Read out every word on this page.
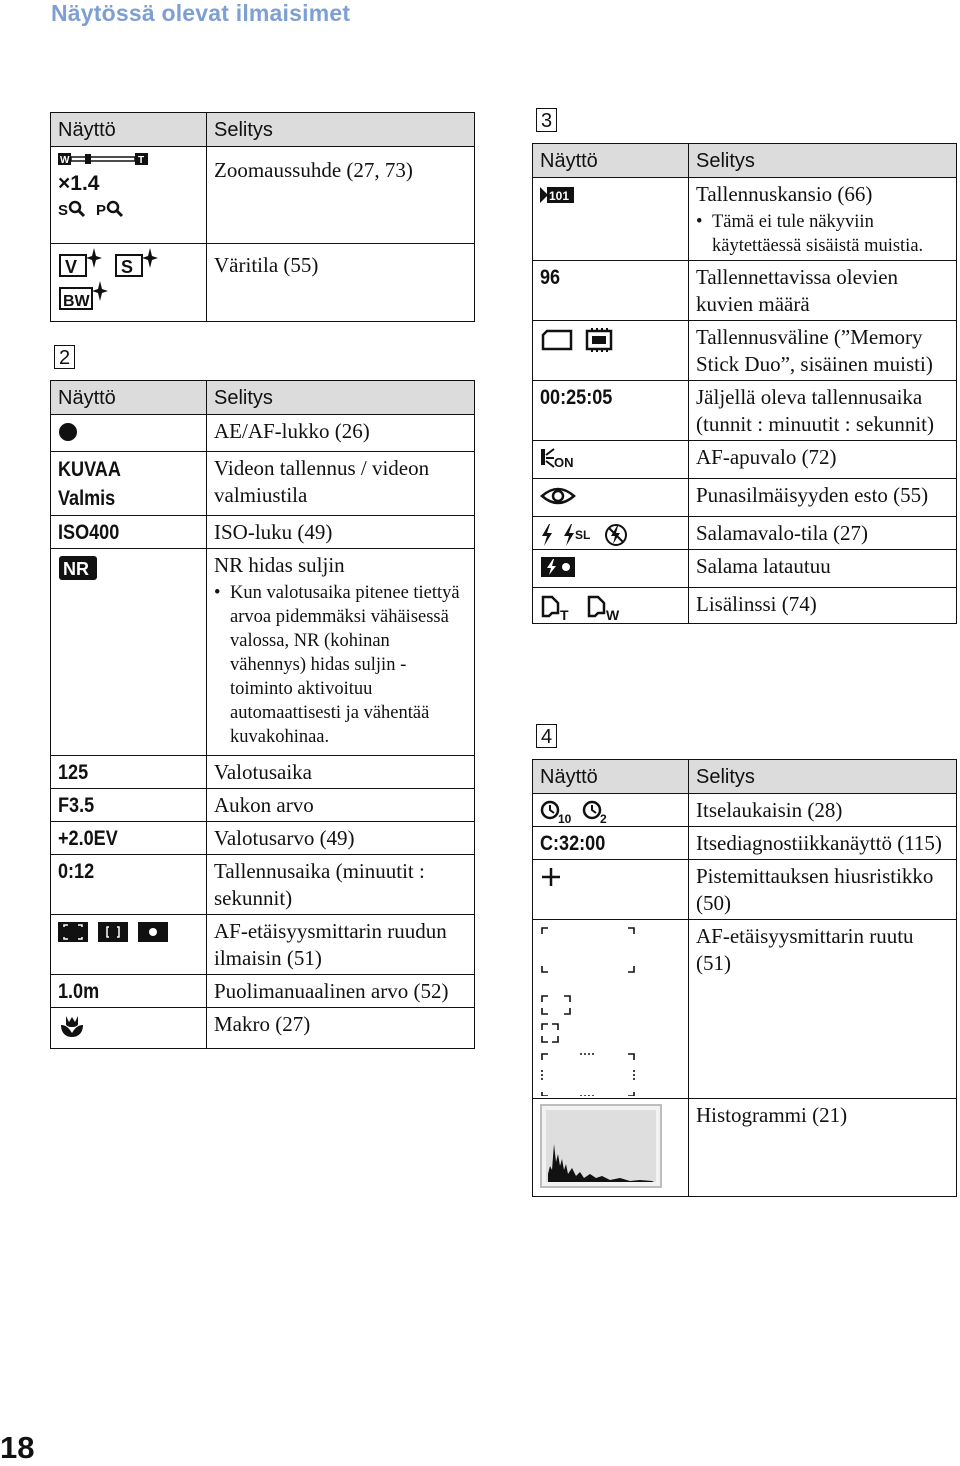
Näytössä olevat ilmaisimet
Näyttö	Selitys

W T
×1.4
S P	Zoomaussuhde (27, 73)

V S
BW	Väritila (55)
2
Näyttö	Selitys
	AE/AF-lukko (26)
KUVAA
Valmis	Videon tallennus / videon valmiustila
ISO400	ISO-luku (49)

NR	NR hidas suljin
• Kun valotusaika pitenee tiettyä arvoa pidemmäksi vähäisessä valossa, NR (kohinan vähennys) hidas suljin -toiminto aktivoituu automaattisesti ja vähentää kuvakohinaa.

125	Valotusaika
F3.5	Aukon arvo
+2.0EV	Valotusarvo (49)
0:12	Tallennusaika (minuutit : sekunnit)

	AF-etäisyysmittarin ruudun ilmaisin (51)
1.0m	Puolimanuaalinen arvo (52)
	Makro (27)
3
Näyttö	Selitys

101	Tallennuskansio (66)
• Tämä ei tule näkyviin käytettäessä sisäistä muistia.

96	Tallennettavissa olevien kuvien määrä

	Tallennusväline (”Memory Stick Duo”, sisäinen muisti)
00:25:05	Jäljellä oleva tallennusaika (tunnit : minuutit : sekunnit)

ON	AF-apuvalo (72)
	Punasilmäisyyden esto (55)

SL	Salamavalo-tila (27)
	Salama latautuu

T W	Lisälinssi (74)
4
Näyttö	Selitys

10 2	Itselaukaisin (28)
C:32:00	Itsediagnostiikkanäyttö (115)
	Pistemittauksen hiusristikko (50)

	AF-etäisyysmittarin ruutu (51)

	Histogrammi (21)
18
